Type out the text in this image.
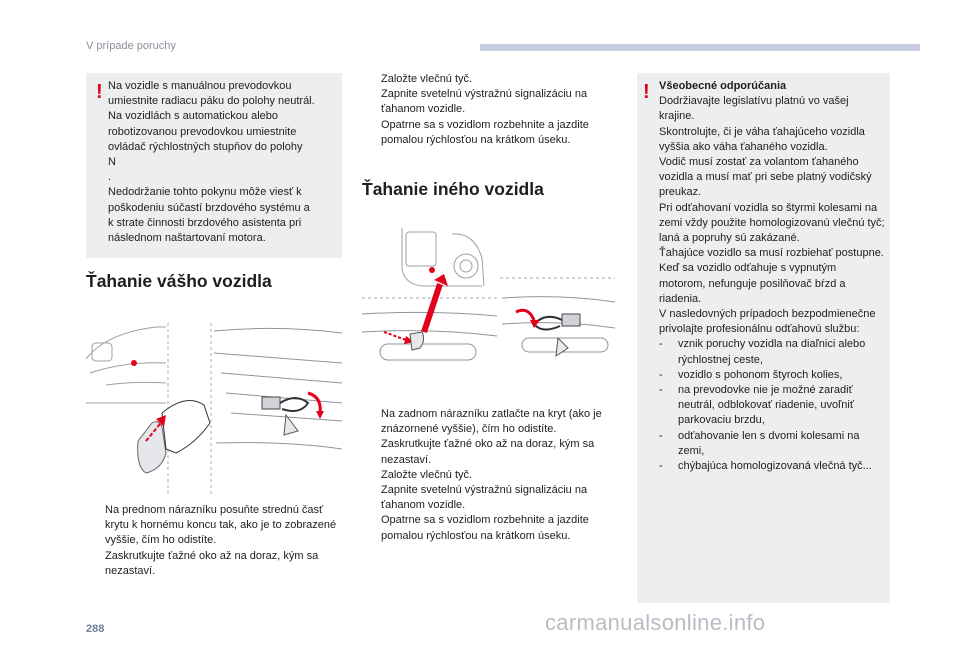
V prípade poruchy
! Na vozidle s manuálnou prevodovkou
umiestnite radiacu páku do polohy neutrál.
Na vozidlách s automatickou alebo
robotizovanou prevodovkou umiestnite
ovládač rýchlostných stupňov do polohy
N
.
Nedodržanie tohto pokynu môže viesť k
poškodeniu súčastí brzdového systému a
k strate činnosti brzdového asistenta pri
následnom naštartovaní motora.
Ťahanie vášho vozidla
Na prednom nárazníku posuňte strednú časť krytu k hornému koncu tak, ako je to zobrazené vyššie, čím ho odistíte.
Zaskrutkujte ťažné oko až na doraz, kým sa nezastaví.
Založte vlečnú tyč.
Zapnite svetelnú výstražnú signalizáciu na ťahanom vozidle.
Opatrne sa s vozidlom rozbehnite a jazdite pomalou rýchlosťou na krátkom úseku.
Ťahanie iného vozidla
Na zadnom nárazníku zatlačte na kryt (ako je znázornené vyššie), čím ho odistíte.
Zaskrutkujte ťažné oko až na doraz, kým sa nezastaví.
Založte vlečnú tyč.
Zapnite svetelnú výstražnú signalizáciu na ťahanom vozidle.
Opatrne sa s vozidlom rozbehnite a jazdite pomalou rýchlosťou na krátkom úseku.
! Všeobecné odporúčania
Dodržiavajte legislatívu platnú vo vašej krajine.
Skontrolujte, či je váha ťahajúceho vozidla vyššia ako váha ťahaného vozidla.
Vodič musí zostať za volantom ťahaného vozidla a musí mať pri sebe platný vodičský preukaz.
Pri odťahovaní vozidla so štyrmi kolesami na zemi vždy použite homologizovanú vlečnú tyč; laná a popruhy sú zakázané.
Ťahajúce vozidlo sa musí rozbiehať postupne.
Keď sa vozidlo odťahuje s vypnutým motorom, nefunguje posilňovač bŕzd a riadenia.
V nasledovných prípadoch bezpodmienečne privolajte profesionálnu odťahovú službu:
- vznik poruchy vozidla na diaľnici alebo rýchlostnej ceste,
- vozidlo s pohonom štyroch kolies,
- na prevodovke nie je možné zaradiť neutrál, odblokovať riadenie, uvoľniť parkovaciu brzdu,
- odťahovanie len s dvomi kolesami na zemi,
- chýbajúca homologizovaná vlečná tyč...
288	carmanualsonline.info
